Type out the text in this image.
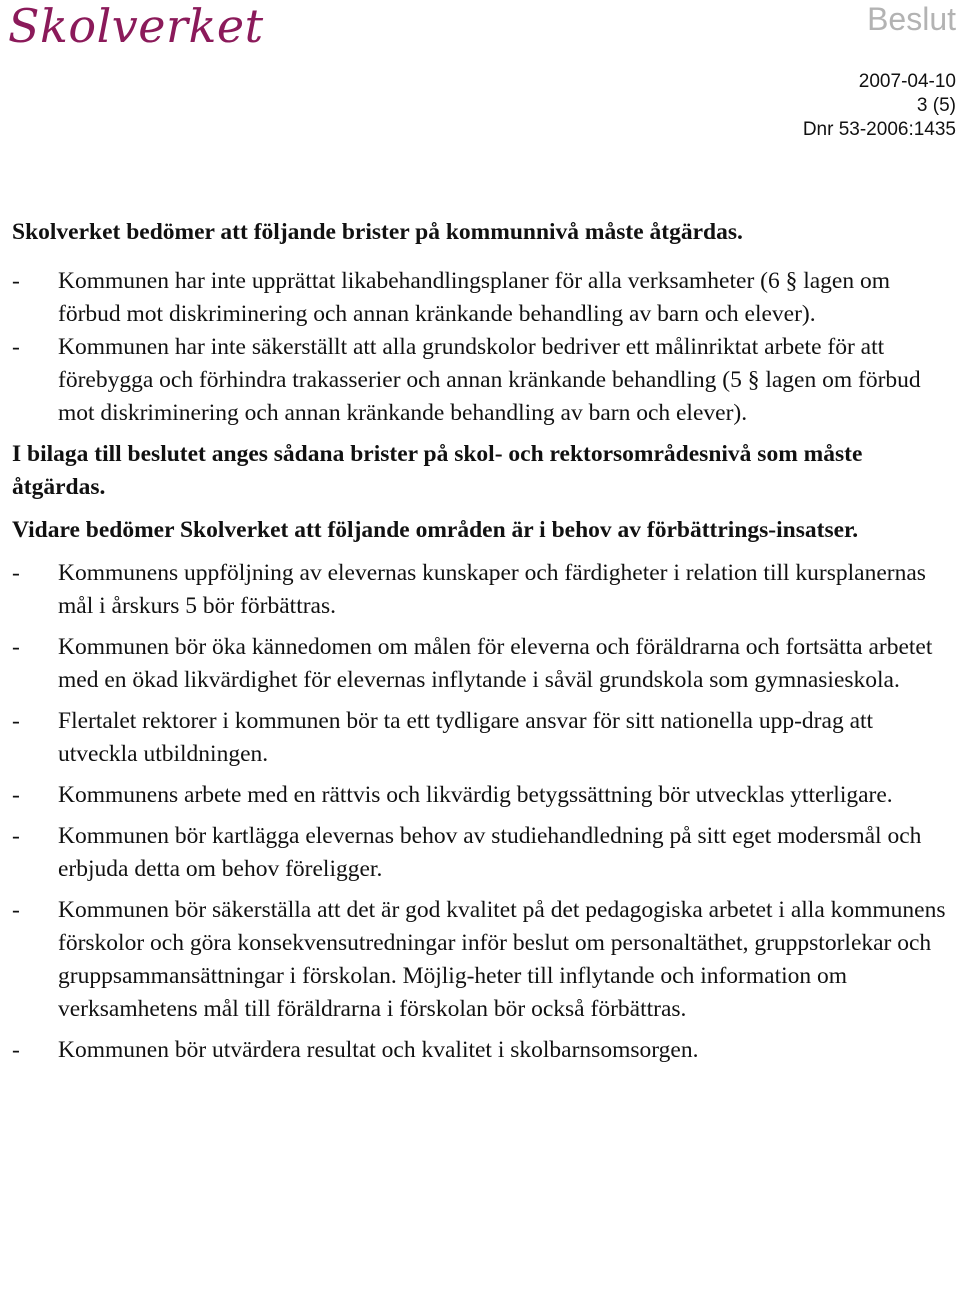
Skolverket	Beslut
2007-04-10
3 (5)
Dnr 53-2006:1435

Skolverket bedömer att följande brister på kommunnivå måste åtgärdas.

-	Kommunen har inte upprättat likabehandlingsplaner för alla verksamheter (6 § lagen om förbud mot diskriminering och annan kränkande behandling av barn och elever).
-	Kommunen har inte säkerställt att alla grundskolor bedriver ett målinriktat arbete för att förebygga och förhindra trakasserier och annan kränkande behandling (5 § lagen om förbud mot diskriminering och annan kränkande behandling av barn och elever).

I bilaga till beslutet anges sådana brister på skol- och rektorsområdesnivå som måste åtgärdas.

Vidare bedömer Skolverket att följande områden är i behov av förbättrings-insatser.

-	Kommunens uppföljning av elevernas kunskaper och färdigheter i relation till kursplanernas mål i årskurs 5 bör förbättras.
-	Kommunen bör öka kännedomen om målen för eleverna och föräldrarna och fortsätta arbetet med en ökad likvärdighet för elevernas inflytande i såväl grundskola som gymnasieskola.
-	Flertalet rektorer i kommunen bör ta ett tydligare ansvar för sitt nationella upp-drag att utveckla utbildningen.
-	Kommunens arbete med en rättvis och likvärdig betygssättning bör utvecklas ytterligare.
-	Kommunen bör kartlägga elevernas behov av studiehandledning på sitt eget modersmål och erbjuda detta om behov föreligger.
-	Kommunen bör säkerställa att det är god kvalitet på det pedagogiska arbetet i alla kommunens förskolor och göra konsekvensutredningar inför beslut om personaltäthet, gruppstorlekar och gruppsammansättningar i förskolan. Möjlig-heter till inflytande och information om verksamhetens mål till föräldrarna i förskolan bör också förbättras.
-	Kommunen bör utvärdera resultat och kvalitet i skolbarnsomsorgen.
